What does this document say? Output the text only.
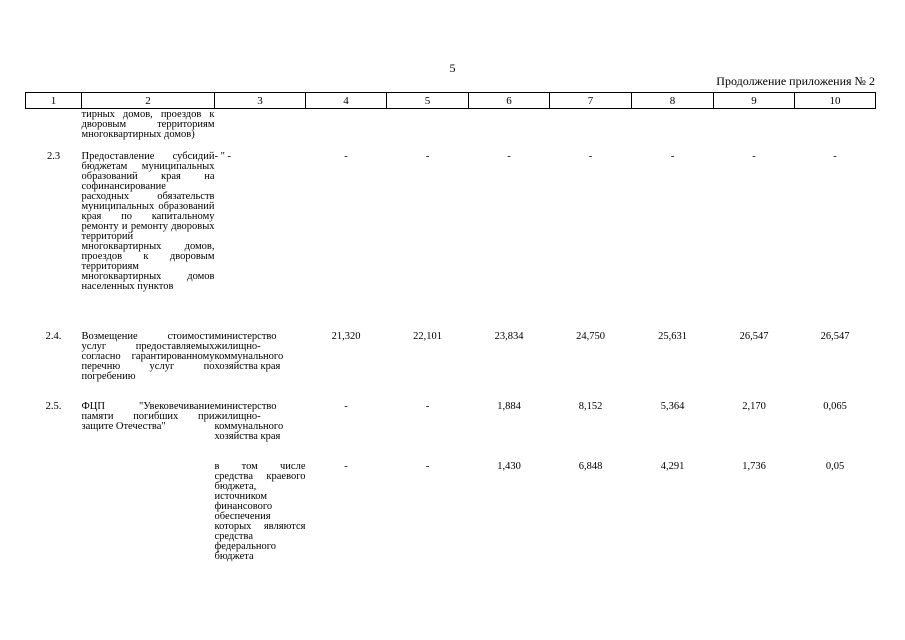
5
Продолжение приложения № 2
1	2	3	4	5	6	7	8	9	10
	тирных домов, проездов к дворовым территориям многоквартирных домов)								
2.3	Предоставление субсидий бюджетам муниципальных образований края на софинансирование расходных обязательств муниципальных образований края по капитальному ремонту и ремонту дворовых территорий многоквартирных домов, проездов к дворовым территориям многоквартирных домов населенных пунктов	- " -	-	-	-	-	-	-	-
2.4.	Возмещение стоимости услуг предоставляемых согласно гарантированному перечню услуг по погребению	министерство жилищно-коммунального хозяйства края	21,320	22,101	23,834	24,750	25,631	26,547	26,547
2.5.	ФЦП "Увековечивание памяти погибших при защите Отечества"	министерство жилищно-коммунального хозяйства края	-	-	1,884	8,152	5,364	2,170	0,065
		в том числе средства краевого бюджета, источником финансового обеспечения которых являются средства федерального бюджета	-	-	1,430	6,848	4,291	1,736	0,05
